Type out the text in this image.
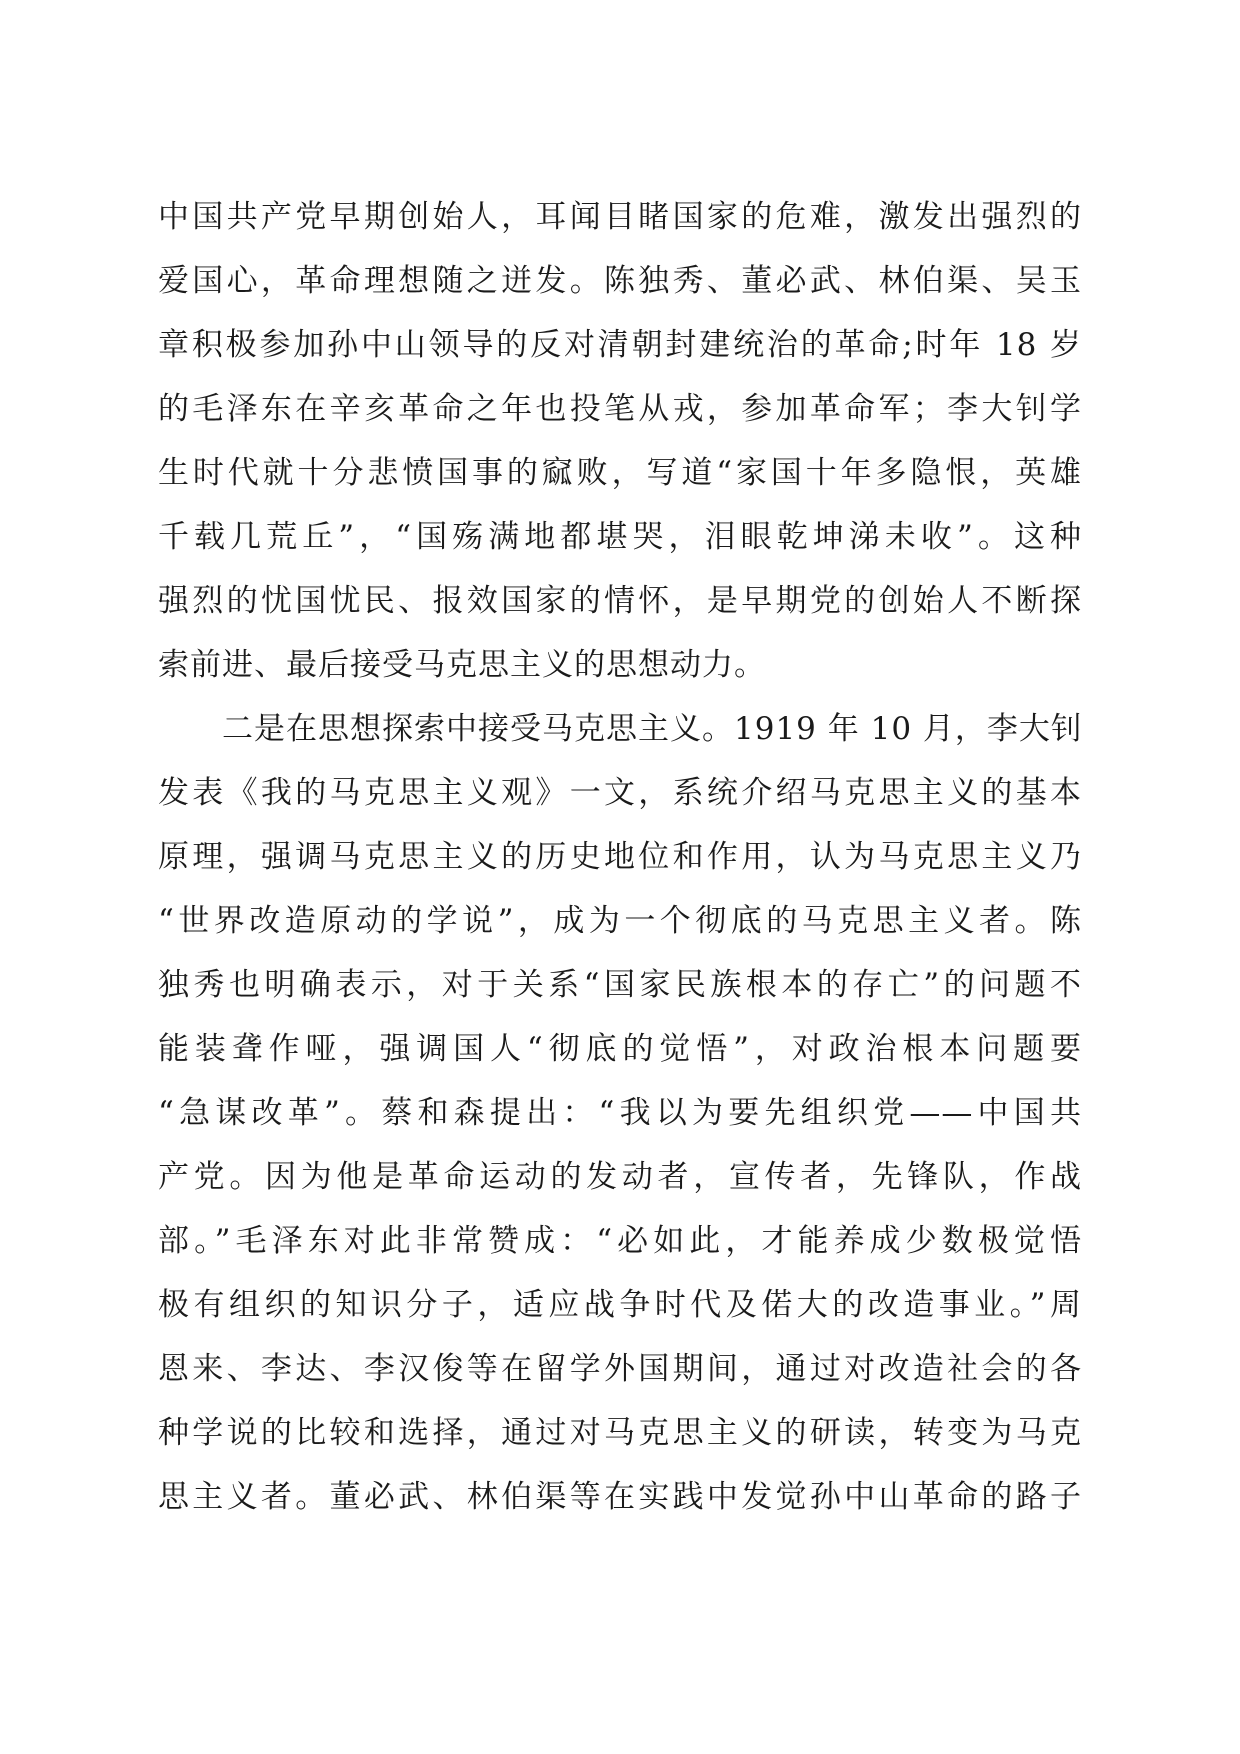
中国共产党早期创始人，耳闻目睹国家的危难，激发出强烈的
爱国心，革命理想随之迸发。陈独秀、董必武、林伯渠、吴玉
章积极参加孙中山领导的反对清朝封建统治的革命;时年 18 岁
的毛泽东在辛亥革命之年也投笔从戎，参加革命军；李大钊学
生时代就十分悲愤国事的窳败，写道“家国十年多隐恨，英雄
千载几荒丘”，“国殇满地都堪哭，泪眼乾坤涕未收”。这种
强烈的忧国忧民、报效国家的情怀，是早期党的创始人不断探
索前进、最后接受马克思主义的思想动力。
二是在思想探索中接受马克思主义。1919 年 10 月，李大钊
发表《我的马克思主义观》一文，系统介绍马克思主义的基本
原理，强调马克思主义的历史地位和作用，认为马克思主义乃
“世界改造原动的学说”，成为一个彻底的马克思主义者。陈
独秀也明确表示，对于关系“国家民族根本的存亡”的问题不
能装聋作哑，强调国人“彻底的觉悟”，对政治根本问题要
“急谋改革”。蔡和森提出：“我以为要先组织党——中国共
产党。因为他是革命运动的发动者，宣传者，先锋队，作战
部。”毛泽东对此非常赞成：“必如此，才能养成少数极觉悟
极有组织的知识分子，适应战争时代及偌大的改造事业。”周
恩来、李达、李汉俊等在留学外国期间，通过对改造社会的各
种学说的比较和选择，通过对马克思主义的研读，转变为马克
思主义者。董必武、林伯渠等在实践中发觉孙中山革命的路子
